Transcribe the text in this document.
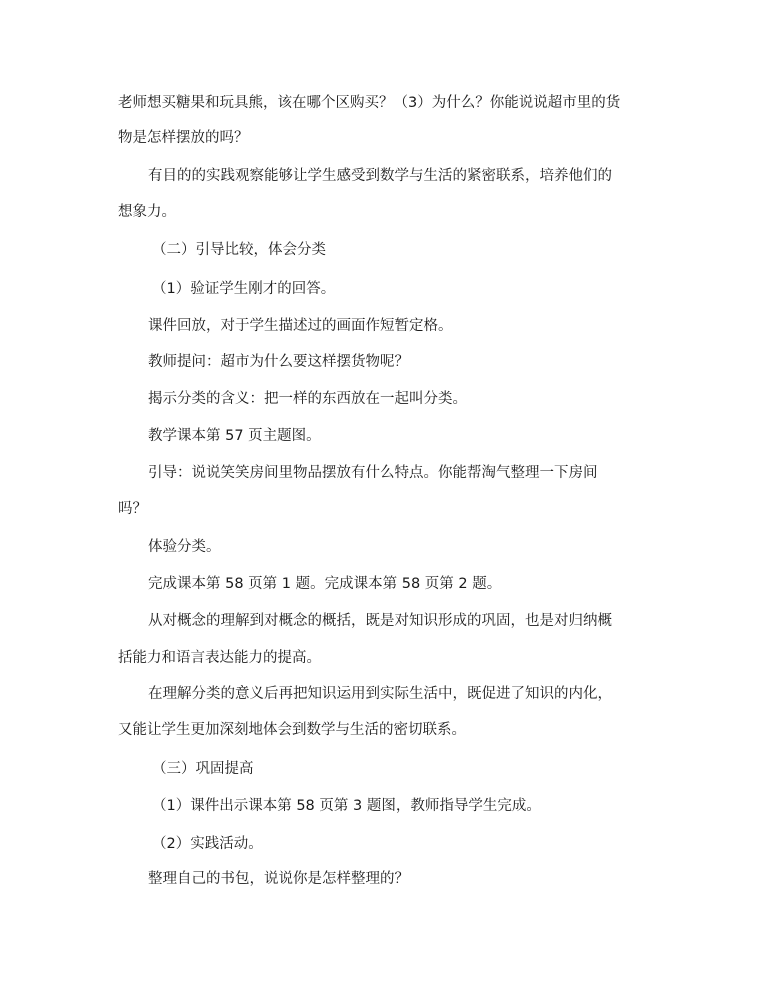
老师想买糖果和玩具熊，该在哪个区购买？（3）为什么？你能说说超市里的货
物是怎样摆放的吗？
有目的的实践观察能够让学生感受到数学与生活的紧密联系，培养他们的
想象力。
（二）引导比较，体会分类
（1）验证学生刚才的回答。
课件回放，对于学生描述过的画面作短暂定格。
教师提问：超市为什么要这样摆货物呢？
揭示分类的含义：把一样的东西放在一起叫分类。
教学课本第 57 页主题图。
引导：说说笑笑房间里物品摆放有什么特点。你能帮淘气整理一下房间
吗？
体验分类。
完成课本第 58 页第 1 题。完成课本第 58 页第 2 题。
从对概念的理解到对概念的概括，既是对知识形成的巩固，也是对归纳概
括能力和语言表达能力的提高。
在理解分类的意义后再把知识运用到实际生活中，既促进了知识的内化，
又能让学生更加深刻地体会到数学与生活的密切联系。
（三）巩固提高
（1）课件出示课本第 58 页第 3 题图，教师指导学生完成。
（2）实践活动。
整理自己的书包，说说你是怎样整理的？
